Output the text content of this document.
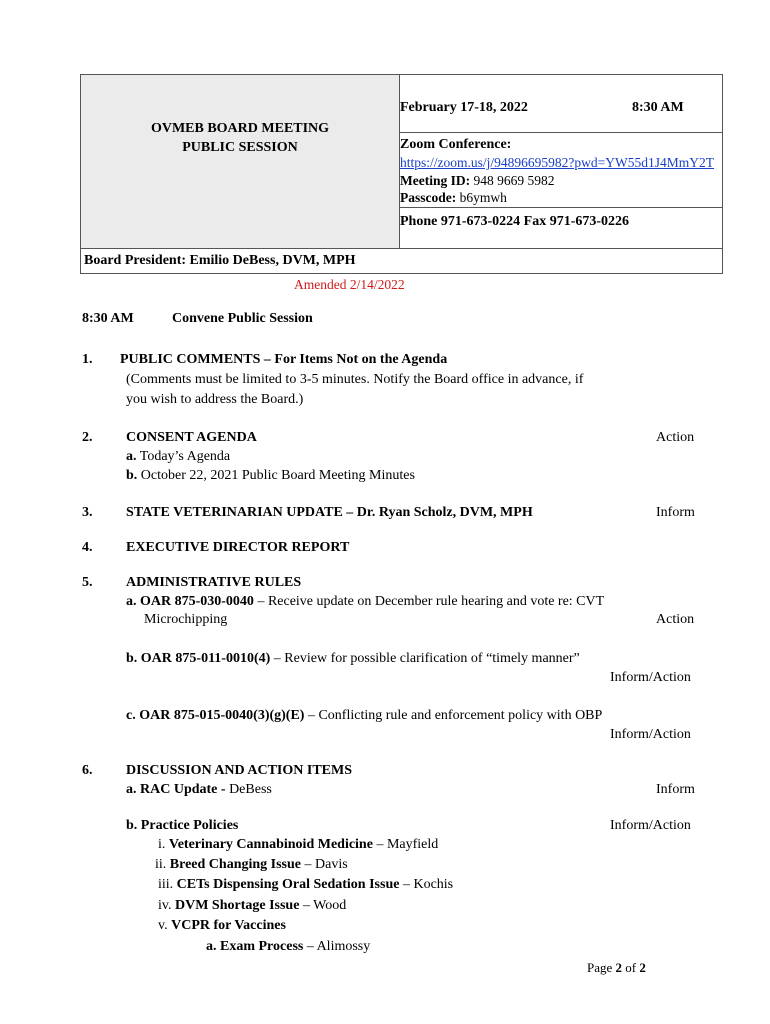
OVMEB BOARD MEETING
PUBLIC SESSION
February 17-18, 2022	8:30 AM
Zoom Conference:
https://zoom.us/j/94896695982?pwd=YW55d1J4MmY2T
Meeting ID: 948 9669 5982
Passcode: b6ymwh
Phone 971-673-0224 Fax 971-673-0226
Board President: Emilio DeBess, DVM, MPH
Amended 2/14/2022
8:30 AM	Convene Public Session
1. PUBLIC COMMENTS – For Items Not on the Agenda
(Comments must be limited to 3-5 minutes. Notify the Board office in advance, if
you wish to address the Board.)
2. CONSENT AGENDA	Action
a. Today’s Agenda
b. October 22, 2021 Public Board Meeting Minutes
3. STATE VETERINARIAN UPDATE – Dr. Ryan Scholz, DVM, MPH	Inform
4. EXECUTIVE DIRECTOR REPORT
5. ADMINISTRATIVE RULES
a. OAR 875-030-0040 – Receive update on December rule hearing and vote re: CVT
Microchipping	Action
b. OAR 875-011-0010(4) – Review for possible clarification of “timely manner”
Inform/Action
c. OAR 875-015-0040(3)(g)(E) – Conflicting rule and enforcement policy with OBP
Inform/Action
6. DISCUSSION AND ACTION ITEMS
a. RAC Update - DeBess	Inform
b. Practice Policies	Inform/Action
i. Veterinary Cannabinoid Medicine – Mayfield
ii. Breed Changing Issue – Davis
iii. CETs Dispensing Oral Sedation Issue – Kochis
iv. DVM Shortage Issue – Wood
v. VCPR for Vaccines
a. Exam Process – Alimossy
Page 2 of 2
